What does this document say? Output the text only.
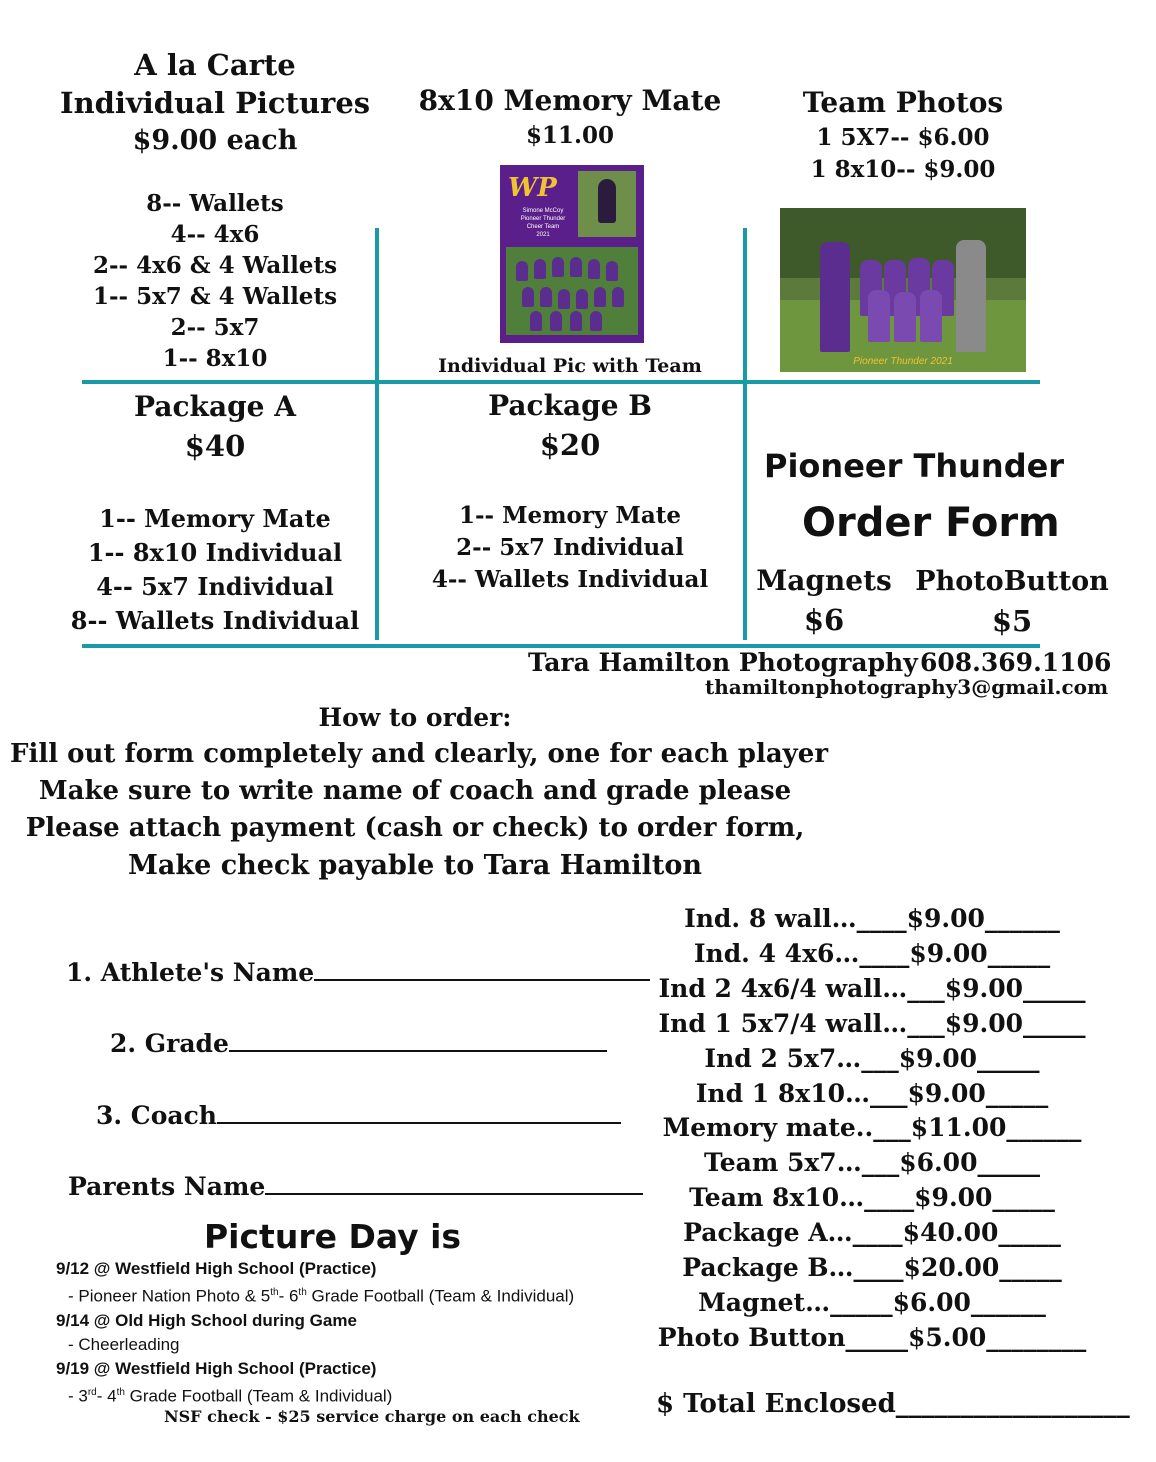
A la Carte
Individual Pictures
$9.00 each
8-- Wallets
4-- 4x6
2-- 4x6 & 4 Wallets
1-- 5x7 & 4 Wallets
2-- 5x7
1-- 8x10
8x10 Memory Mate
$11.00
WP
Simone McCoy
Pioneer Thunder
Cheer Team
2021
Individual Pic with Team
Team Photos
1 5X7-- $6.00
1 8x10-- $9.00
Pioneer Thunder 2021
Package A
$40
1-- Memory Mate
1-- 8x10 Individual
4-- 5x7 Individual
8-- Wallets Individual
Package B
$20
1-- Memory Mate
2-- 5x7 Individual
4-- Wallets Individual
Pioneer Thunder
Order Form
Magnets
$6
PhotoButton
$5
Tara Hamilton Photography 608.369.1106
thamiltonphotography3@gmail.com
How to order:
Fill out form completely and clearly, one for each player
Make sure to write name of coach and grade please
Please attach payment (cash or check) to order form,
Make check payable to Tara Hamilton
1. Athlete's Name
2. Grade
3. Coach
Parents Name
Picture Day is
9/12 @ Westfield High School (Practice)
- Pioneer Nation Photo & 5th- 6th Grade Football (Team & Individual)
9/14 @ Old High School during Game
- Cheerleading
9/19 @ Westfield High School (Practice)
- 3rd- 4th Grade Football (Team & Individual)
NSF check - $25 service charge on each check
Ind. 8 wall…____$9.00______
Ind. 4 4x6…____$9.00_____
Ind 2 4x6/4 wall…___$9.00_____
Ind 1 5x7/4 wall…___$9.00_____
Ind 2 5x7…___$9.00_____
Ind 1 8x10…___$9.00_____
Memory mate..___$11.00______
Team 5x7…___$6.00_____
Team 8x10…____$9.00_____
Package A…____$40.00_____
Package B…____$20.00_____
Magnet…_____$6.00______
Photo Button_____$5.00________
$ Total Enclosed__________________
